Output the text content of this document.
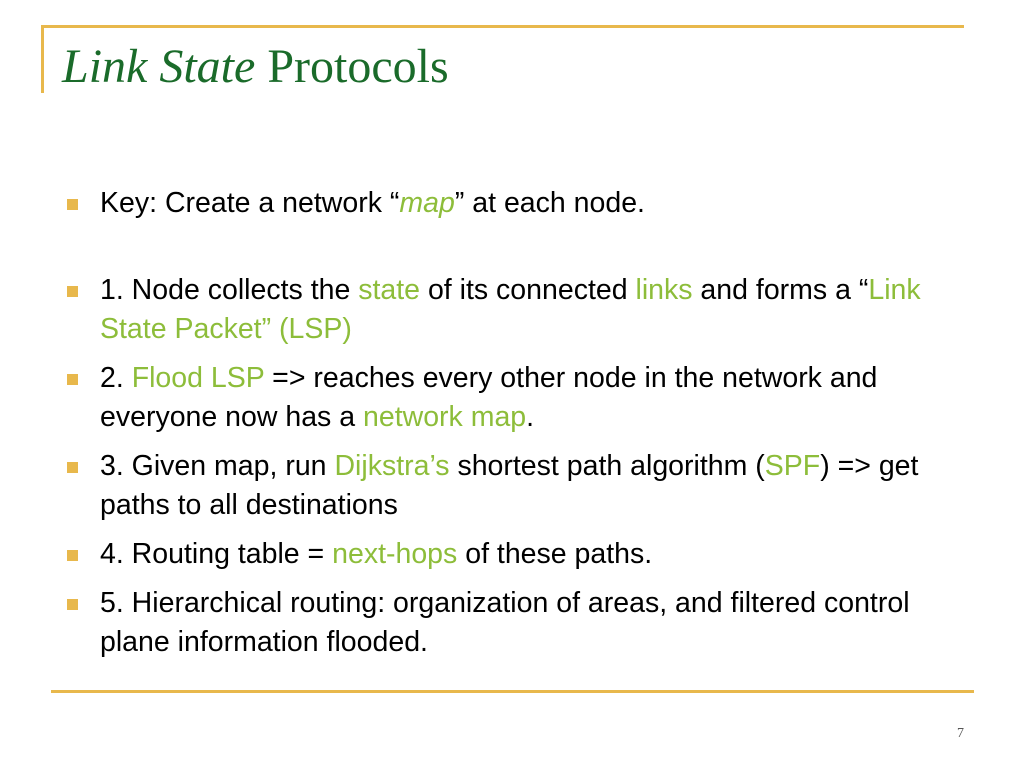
Link State Protocols
Key: Create a network “map” at each node.
1. Node collects the state of its connected links and forms a “Link State Packet” (LSP)
2. Flood LSP => reaches every other node in the network and everyone now has a network map.
3. Given map, run Dijkstra’s shortest path algorithm (SPF) => get paths to all destinations
4. Routing table = next-hops of these paths.
5. Hierarchical routing: organization of areas, and filtered control plane information flooded.
7
